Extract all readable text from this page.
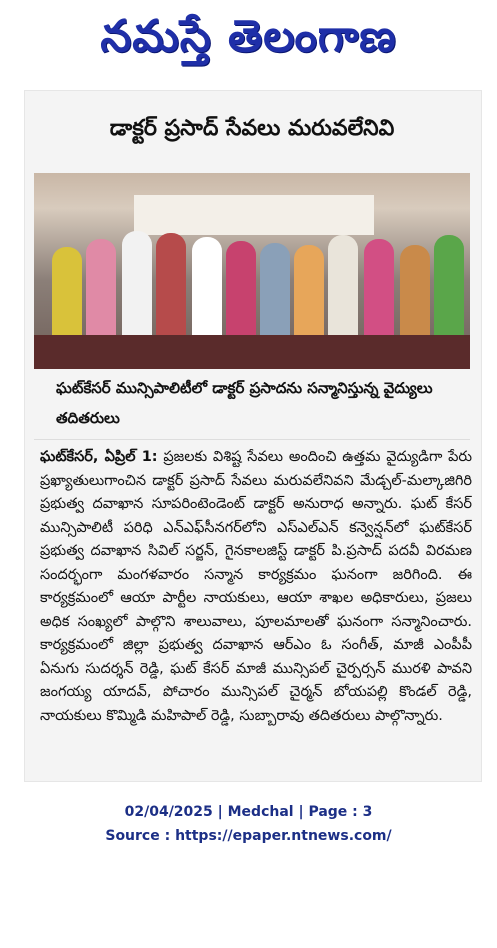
నమస్తే తెలంగాణ
డాక్టర్ ప్రసాద్ సేవలు మరువలేనివి

ఘట్‌కేసర్ మున్సిపాలిటీలో డాక్టర్ ప్రసాదను సన్మానిస్తున్న వైద్యులు తదితరులు

ఘట్‌కేసర్, ఏప్రిల్ 1: ప్రజలకు విశిష్ట సేవలు అందించి ఉత్తమ వైద్యుడిగా పేరు ప్రఖ్యాతులుగాంచిన డాక్టర్ ప్రసాద్ సేవలు మరువలేనివని మేడ్చల్-మల్కాజిగిరి ప్రభుత్వ దవాఖాన సూపరింటెండెంట్ డాక్టర్ అనురాధ అన్నారు. ఘట్ కేసర్ మున్సిపాలిటీ పరిధి ఎన్‌ఎఫ్‌సీనగర్‌లోని ఎస్‌ఎల్‌ఎన్ కన్వెన్షన్‌లో ఘట్‌కేసర్ ప్రభుత్వ దవాఖాన సివిల్ సర్జన్, గైనకాలజిస్ట్ డాక్టర్ పి.ప్రసాద్ పదవీ విరమణ సందర్భంగా మంగళవారం సన్మాన కార్యక్రమం ఘనంగా జరిగింది. ఈ కార్యక్రమంలో ఆయా పార్టీల నాయకులు, ఆయా శాఖల అధికారులు, ప్రజలు అధిక సంఖ్యలో పాల్గొని శాలువాలు, పూలమాలతో ఘనంగా సన్మానించారు. కార్యక్రమంలో జిల్లా ప్రభుత్వ దవాఖాన ఆర్‌ఎం ఓ సంగీత్, మాజీ ఎంపీపీ ఏనుగు సుదర్శన్ రెడ్డి, ఘట్ కేసర్ మాజీ మున్సిపల్ చైర్పర్సన్ మురళి పావని జంగయ్య యాదవ్, పోచారం మున్సిపల్ చైర్మన్ బోయపల్లి కొండల్ రెడ్డి, నాయకులు కొమ్మిడి మహిపాల్ రెడ్డి, సుబ్బారావు తదితరులు పాల్గొన్నారు.

02/04/2025 | Medchal | Page : 3
Source : https://epaper.ntnews.com/
